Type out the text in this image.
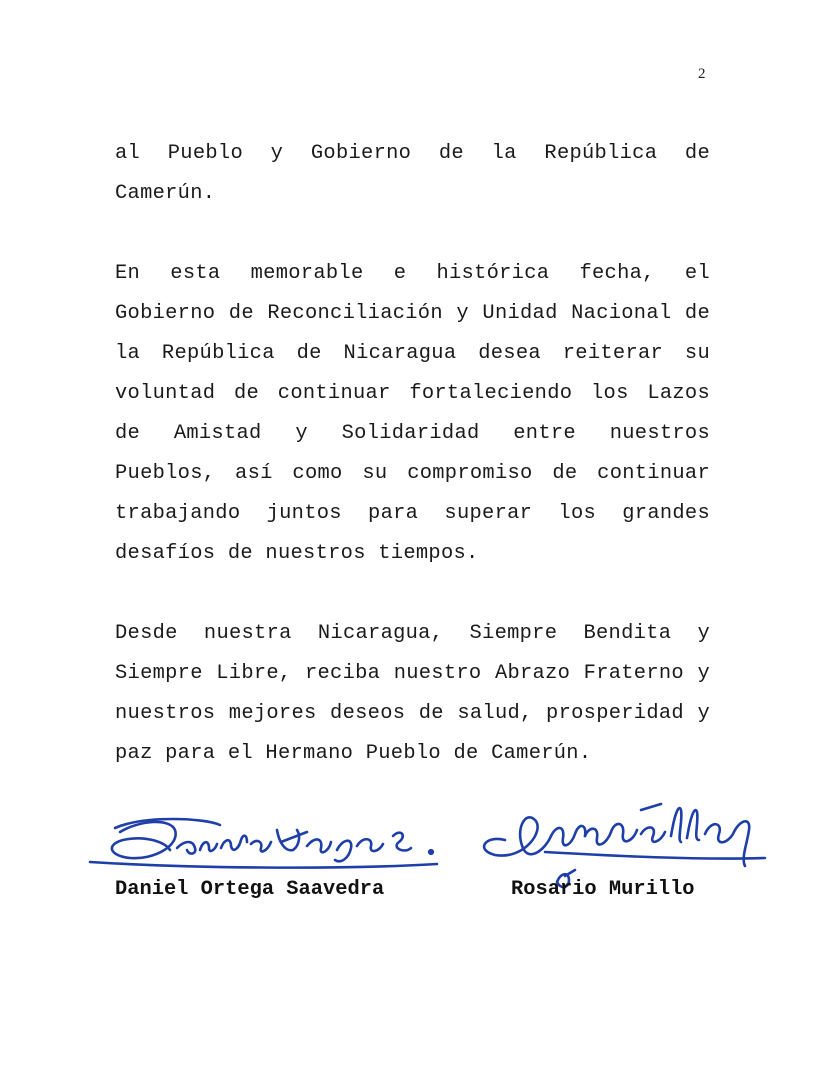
2

al Pueblo y Gobierno de la República de Camerún.

En esta memorable e histórica fecha, el Gobierno de Reconciliación y Unidad Nacional de la República de Nicaragua desea reiterar su voluntad de continuar fortaleciendo los Lazos de Amistad y Solidaridad entre nuestros Pueblos, así como su compromiso de continuar trabajando juntos para superar los grandes desafíos de nuestros tiempos.

Desde nuestra Nicaragua, Siempre Bendita y Siempre Libre, reciba nuestro Abrazo Fraterno y nuestros mejores deseos de salud, prosperidad y paz para el Hermano Pueblo de Camerún.

Daniel Ortega Saavedra	Rosario Murillo
